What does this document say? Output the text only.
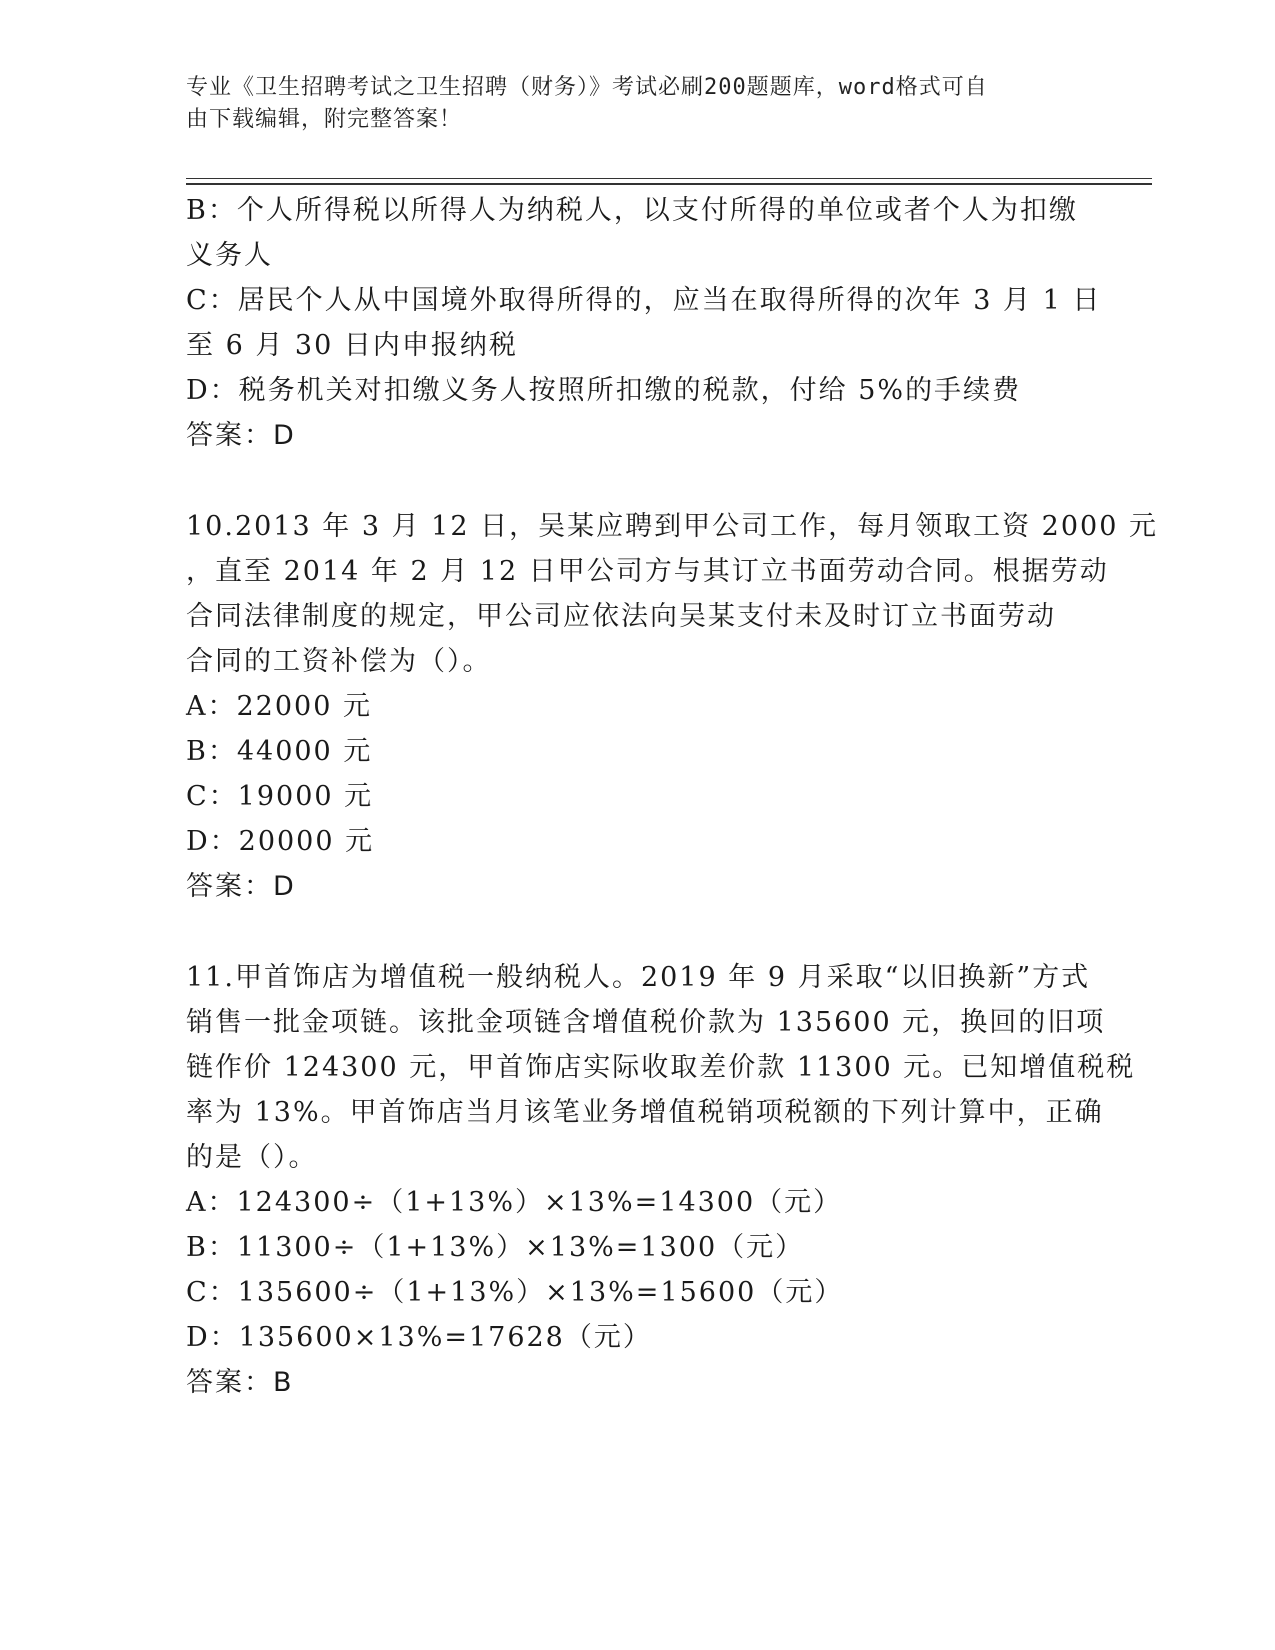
专业《卫生招聘考试之卫生招聘（财务）》考试必刷200题题库，word格式可自
由下载编辑，附完整答案！
B：个人所得税以所得人为纳税人，以支付所得的单位或者个人为扣缴
义务人
C：居民个人从中国境外取得所得的，应当在取得所得的次年 3 月 1 日
至 6 月 30 日内申报纳税
D：税务机关对扣缴义务人按照所扣缴的税款，付给 5%的手续费
答案：D
10.2013 年 3 月 12 日，吴某应聘到甲公司工作，每月领取工资 2000 元
，直至 2014 年 2 月 12 日甲公司方与其订立书面劳动合同。根据劳动
合同法律制度的规定，甲公司应依法向吴某支付未及时订立书面劳动
合同的工资补偿为（）。
A：22000 元
B：44000 元
C：19000 元
D：20000 元
答案：D
11.甲首饰店为增值税一般纳税人。2019 年 9 月采取“以旧换新”方式
销售一批金项链。该批金项链含增值税价款为 135600 元，换回的旧项
链作价 124300 元，甲首饰店实际收取差价款 11300 元。已知增值税税
率为 13%。甲首饰店当月该笔业务增值税销项税额的下列计算中，正确
的是（）。
A：124300÷（1+13%）×13%=14300（元）
B：11300÷（1+13%）×13%=1300（元）
C：135600÷（1+13%）×13%=15600（元）
D：135600×13%=17628（元）
答案：B
